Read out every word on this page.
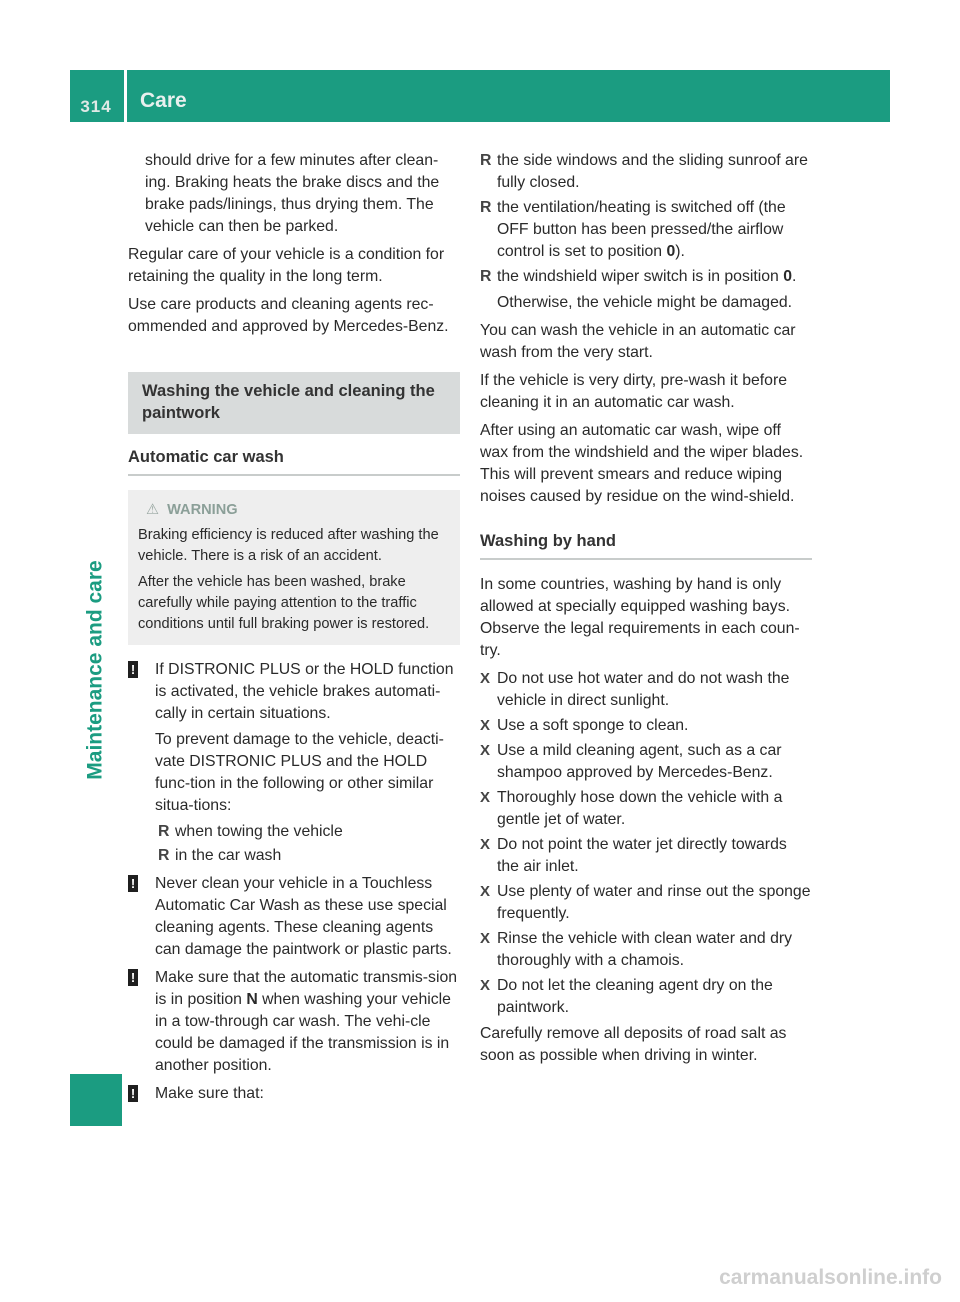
314	Care
Maintenance and care
should drive for a few minutes after clean-
ing. Braking heats the brake discs and the
brake pads/linings, thus drying them. The
vehicle can then be parked.

Regular care of your vehicle is a condition for retaining the quality in the long term.

Use care products and cleaning agents rec-ommended and approved by Mercedes-Benz.

Washing the vehicle and cleaning the paintwork
Automatic car wash
⚠ WARNING

Braking efficiency is reduced after washing the vehicle. There is a risk of an accident.

After the vehicle has been washed, brake carefully while paying attention to the traffic conditions until full braking power is restored.

! If DISTRONIC PLUS or the HOLD function is activated, the vehicle brakes automati-cally in certain situations.

To prevent damage to the vehicle, deacti-vate DISTRONIC PLUS and the HOLD func-tion in the following or other similar situa-tions:

R when towing the vehicle
R in the car wash
! Never clean your vehicle in a Touchless Automatic Car Wash as these use special cleaning agents. These cleaning agents can damage the paintwork or plastic parts.

! Make sure that the automatic transmis-sion is in position N when washing your vehicle in a tow-through car wash. The vehi-cle could be damaged if the transmission is in another position.

! Make sure that:

R the side windows and the sliding sunroof are fully closed.
R the ventilation/heating is switched off (the OFF button has been pressed/the airflow control is set to position 0).
R the windshield wiper switch is in position 0.

Otherwise, the vehicle might be damaged.

You can wash the vehicle in an automatic car wash from the very start.

If the vehicle is very dirty, pre-wash it before cleaning it in an automatic car wash.

After using an automatic car wash, wipe off wax from the windshield and the wiper blades. This will prevent smears and reduce wiping noises caused by residue on the wind-shield.

Washing by hand

In some countries, washing by hand is only allowed at specially equipped washing bays. Observe the legal requirements in each coun-try.

X Do not use hot water and do not wash the vehicle in direct sunlight.
X Use a soft sponge to clean.
X Use a mild cleaning agent, such as a car shampoo approved by Mercedes-Benz.
X Thoroughly hose down the vehicle with a gentle jet of water.
X Do not point the water jet directly towards the air inlet.
X Use plenty of water and rinse out the sponge frequently.
X Rinse the vehicle with clean water and dry thoroughly with a chamois.
X Do not let the cleaning agent dry on the paintwork.

Carefully remove all deposits of road salt as soon as possible when driving in winter.

carmanualsonline.info
